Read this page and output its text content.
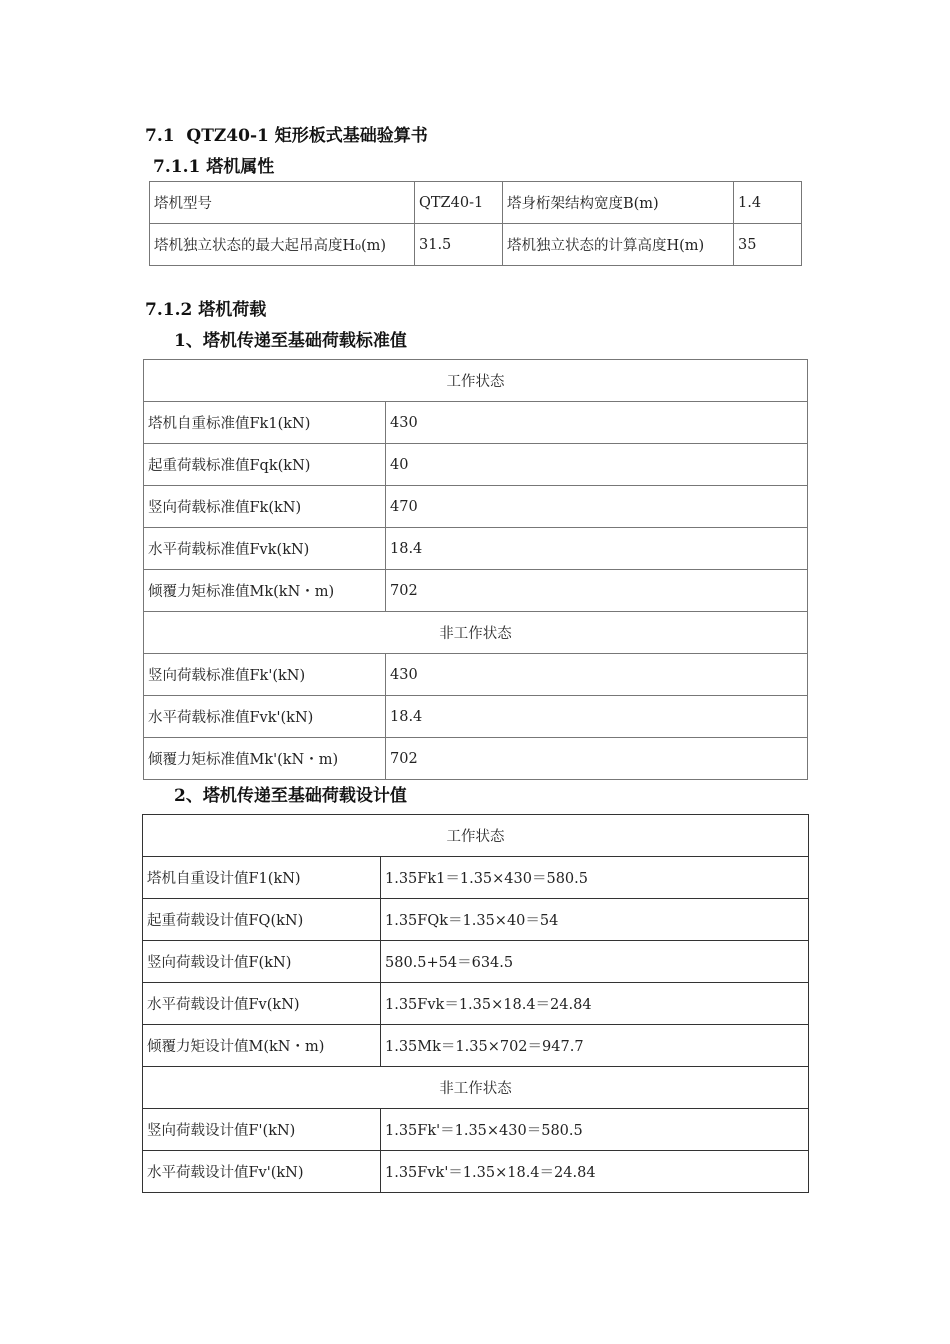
7.1  QTZ40-1 矩形板式基础验算书
7.1.1 塔机属性
塔机型号	QTZ40-1	塔身桁架结构宽度B(m)	1.4
塔机独立状态的最大起吊高度H₀(m)	31.5	塔机独立状态的计算高度H(m)	35
7.1.2 塔机荷载
1、塔机传递至基础荷载标准值
工作状态	
塔机自重标准值Fk1(kN)	430
起重荷载标准值Fqk(kN)	40
竖向荷载标准值Fk(kN)	470
水平荷载标准值Fvk(kN)	18.4
倾覆力矩标准值Mk(kN・m)	702
非工作状态	
竖向荷载标准值Fk'(kN)	430
水平荷载标准值Fvk'(kN)	18.4
倾覆力矩标准值Mk'(kN・m)	702
2、塔机传递至基础荷载设计值
工作状态	
塔机自重设计值F1(kN)	1.35Fk1＝1.35×430＝580.5
起重荷载设计值FQ(kN)	1.35FQk＝1.35×40＝54
竖向荷载设计值F(kN)	580.5+54＝634.5
水平荷载设计值Fv(kN)	1.35Fvk＝1.35×18.4＝24.84
倾覆力矩设计值M(kN・m)	1.35Mk＝1.35×702＝947.7
非工作状态	
竖向荷载设计值F'(kN)	1.35Fk'＝1.35×430＝580.5
水平荷载设计值Fv'(kN)	1.35Fvk'＝1.35×18.4＝24.84
